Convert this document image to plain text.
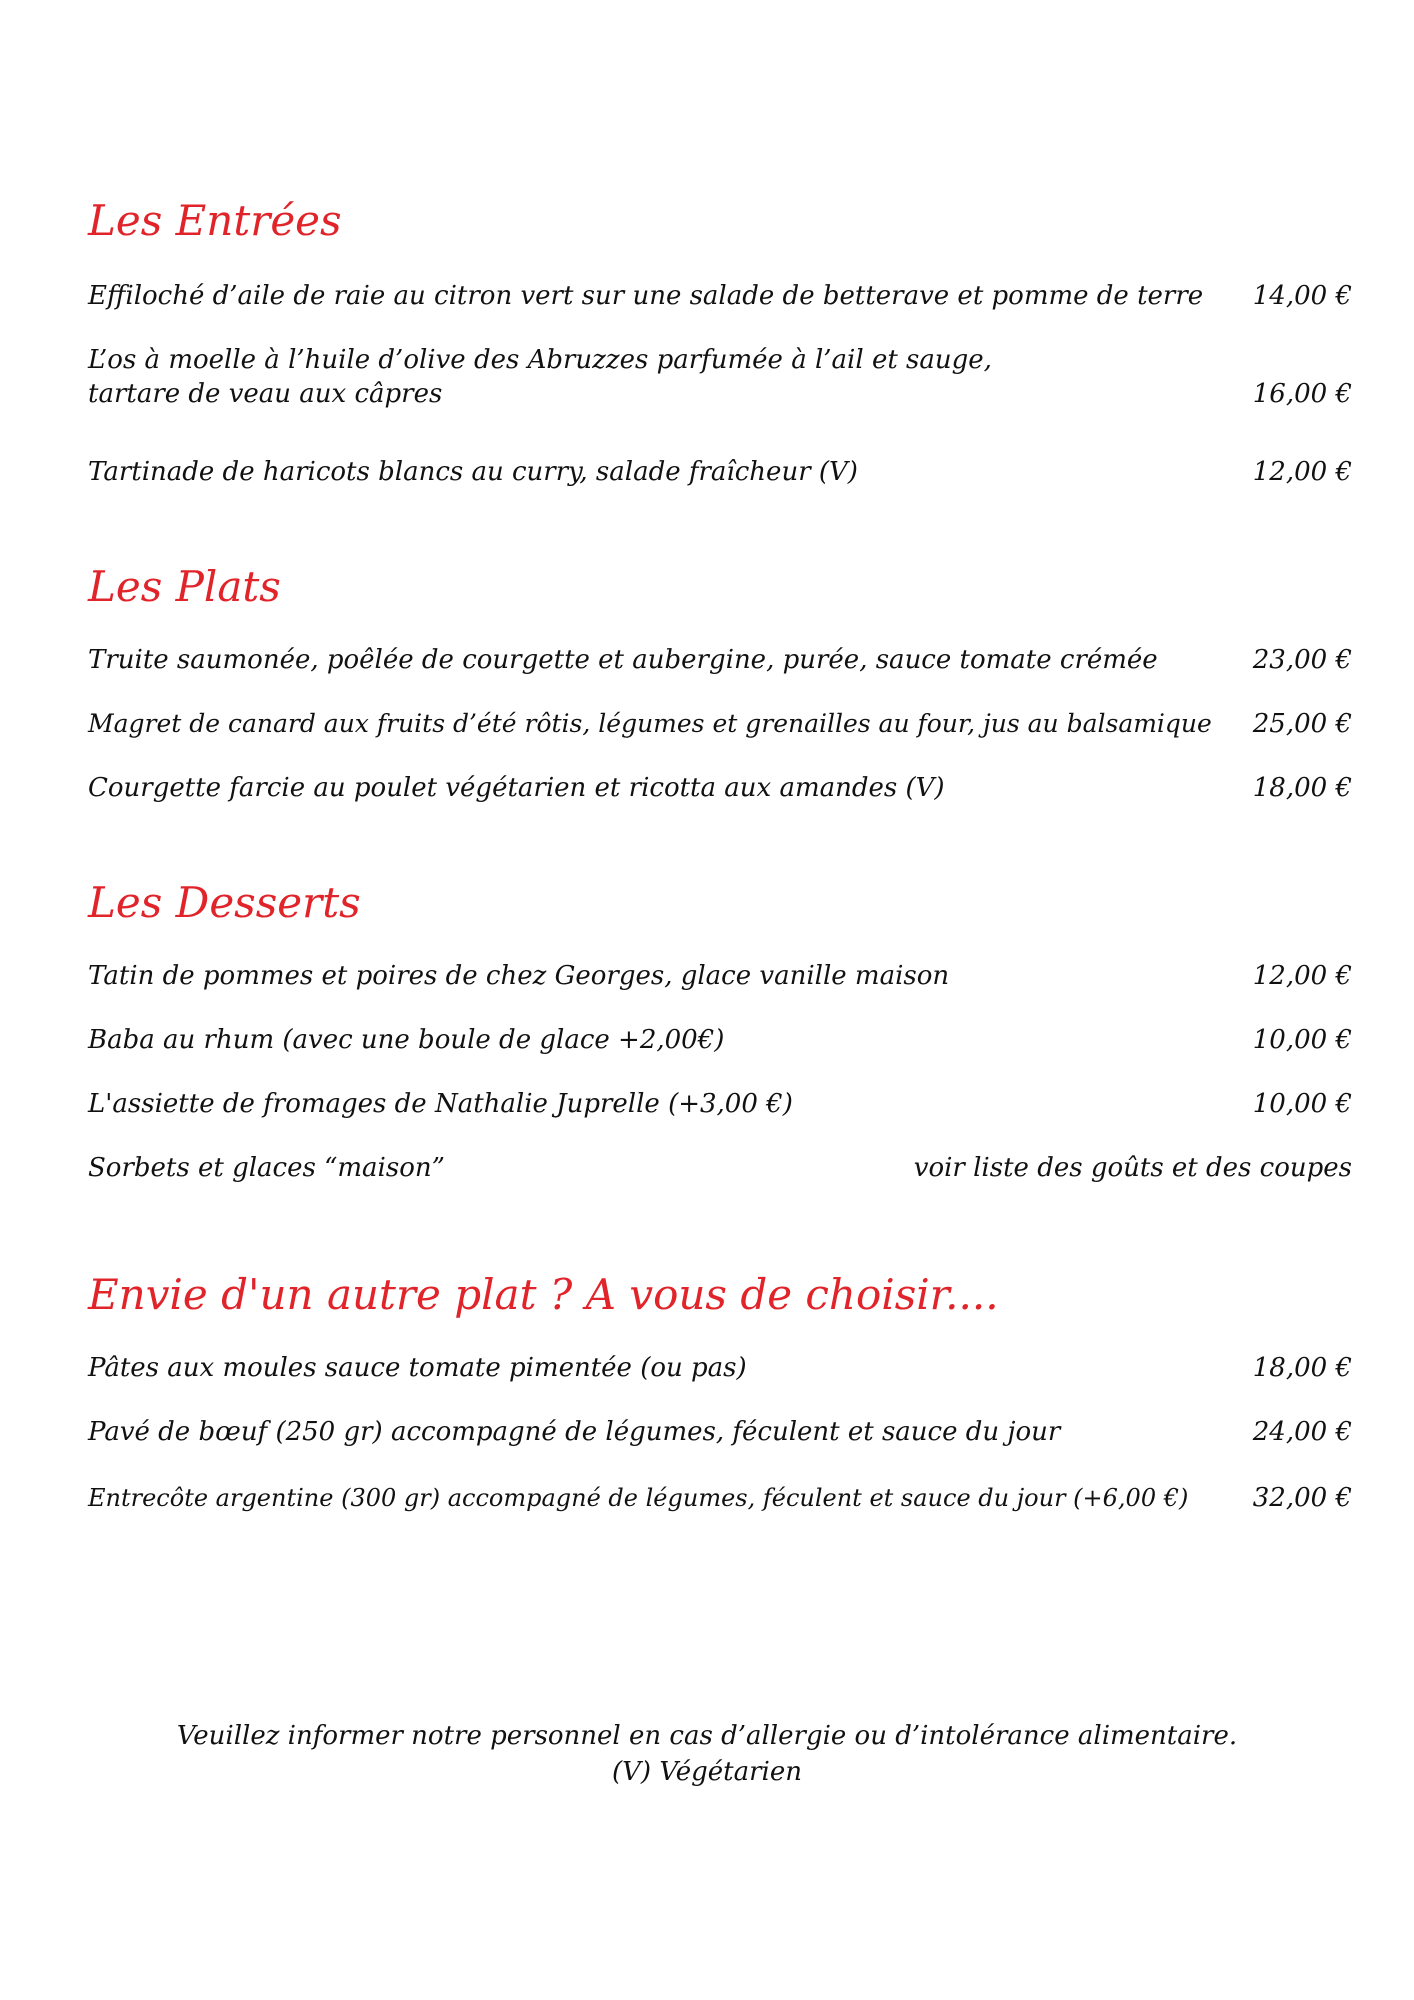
Les Entrées
Effiloché d’aile de raie au citron vert sur une salade de betterave et pomme de terre 14,00 €
L’os à moelle à l’huile d’olive des Abruzzes parfumée à l’ail et sauge,
tartare de veau aux câpres	16,00 €
Tartinade de haricots blancs au curry, salade fraîcheur (V)	12,00 €
Les Plats
Truite saumonée, poêlée de courgette et aubergine, purée, sauce tomate crémée	23,00 €
Magret de canard aux fruits d’été rôtis, légumes et grenailles au four, jus au balsamique 25,00 €
Courgette farcie au poulet végétarien et ricotta aux amandes (V)	18,00 €
Les Desserts
Tatin de pommes et poires de chez Georges, glace vanille maison	12,00 €
Baba au rhum (avec une boule de glace +2,00€)	10,00 €
L'assiette de fromages de Nathalie Juprelle (+3,00 €)	10,00 €
Sorbets et glaces “maison”	voir liste des goûts et des coupes
Envie d'un autre plat ? A vous de choisir....
Pâtes aux moules sauce tomate pimentée (ou pas)	18,00 €
Pavé de bœuf (250 gr) accompagné de légumes, féculent et sauce du jour	24,00 €
Entrecôte argentine (300 gr) accompagné de légumes, féculent et sauce du jour (+6,00 €) 32,00 €
Veuillez informer notre personnel en cas d’allergie ou d’intolérance alimentaire.
(V) Végétarien
